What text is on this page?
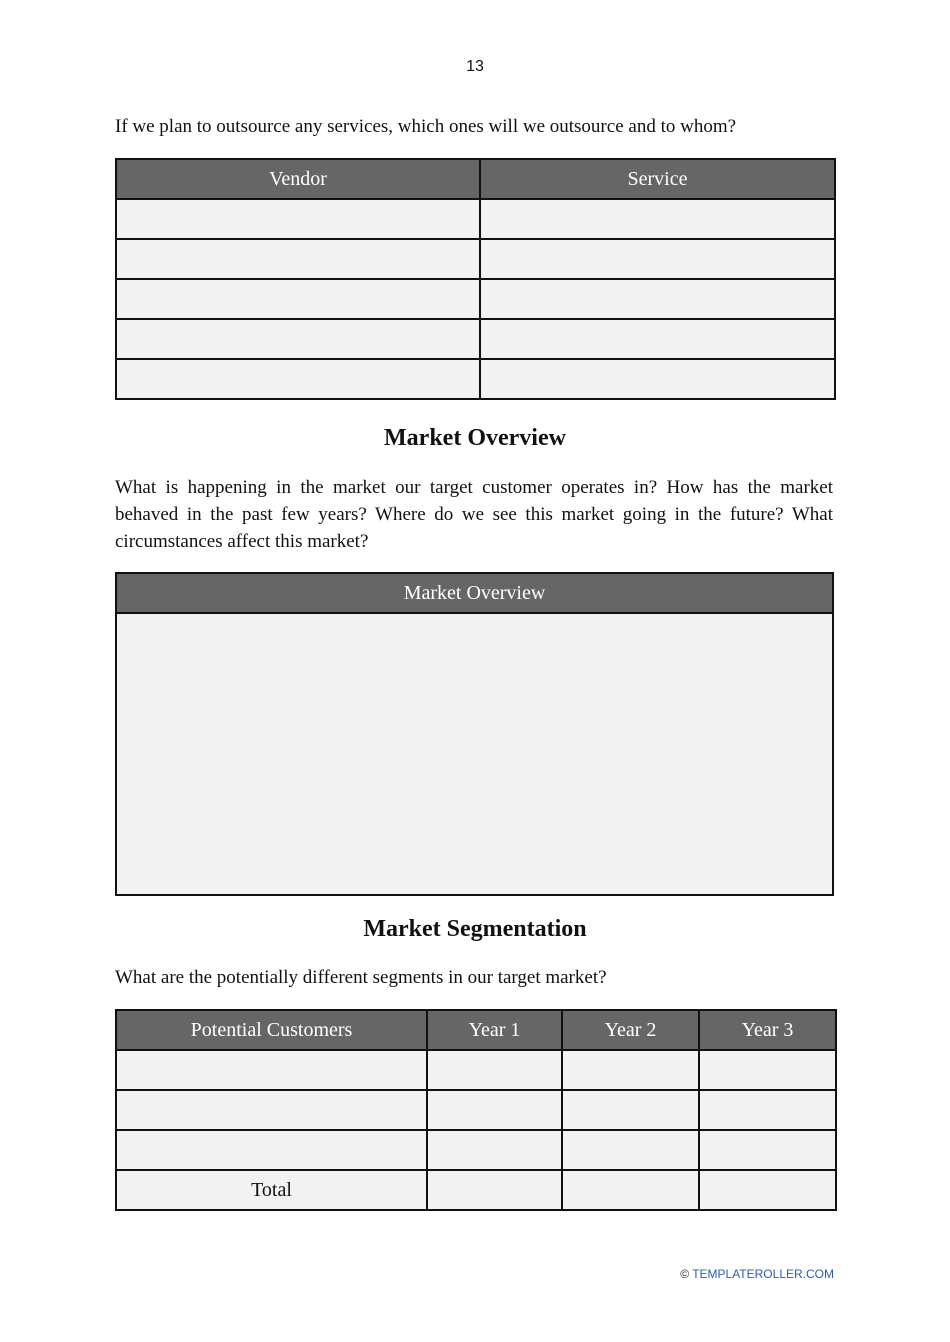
13

If we plan to outsource any services, which ones will we outsource and to whom?

Vendor	Service

Market Overview

What is happening in the market our target customer operates in? How has the market behaved in the past few years? Where do we see this market going in the future? What circumstances affect this market?

Market Overview

Market Segmentation

What are the potentially different segments in our target market?

Potential Customers	Year 1	Year 2	Year 3

Total			
© TEMPLATEROLLER.COM
